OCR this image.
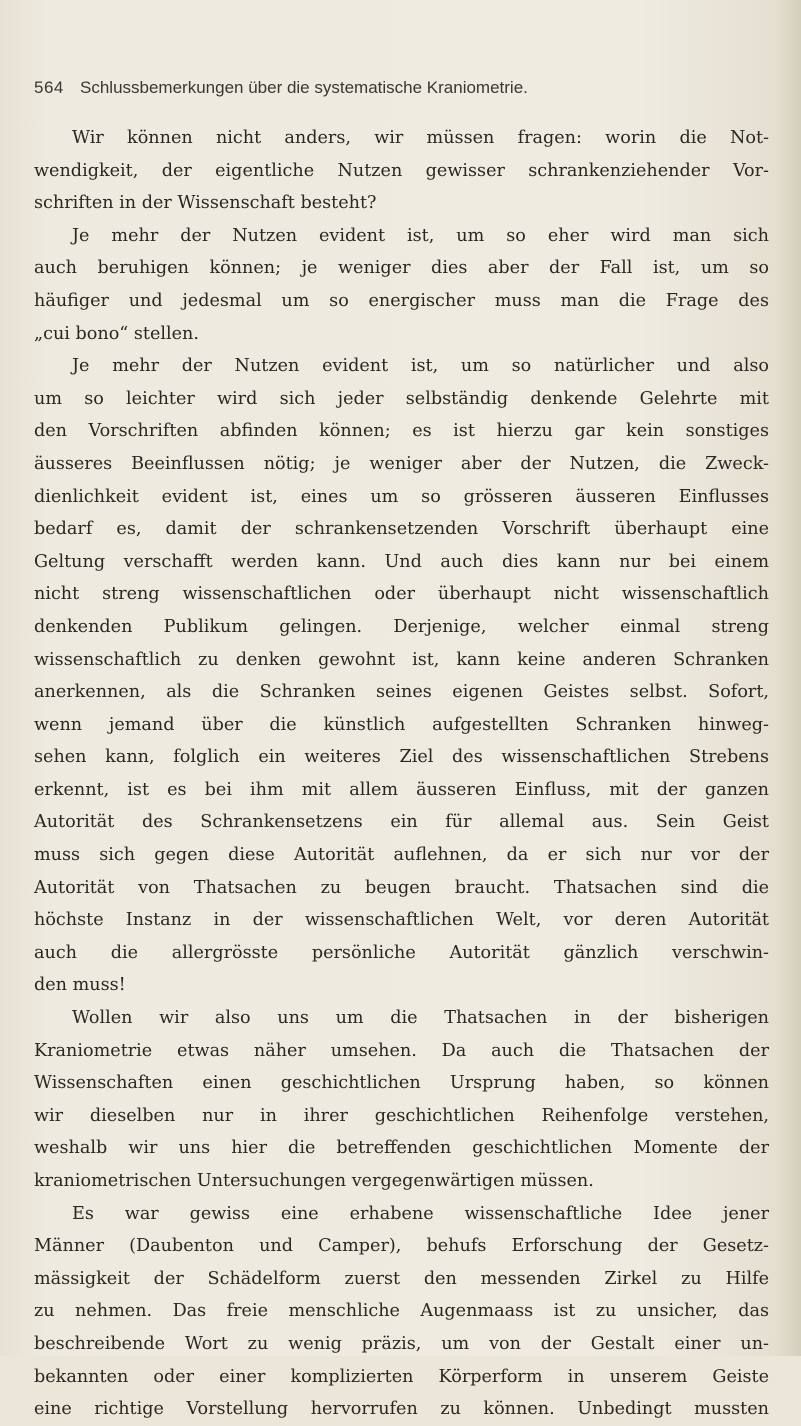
564 Schlussbemerkungen über die systematische Kraniometrie.
Wir können nicht anders, wir müssen fragen: worin die Not-
wendigkeit, der eigentliche Nutzen gewisser schrankenziehender Vor-
schriften in der Wissenschaft besteht?
Je mehr der Nutzen evident ist, um so eher wird man sich
auch beruhigen können; je weniger dies aber der Fall ist, um so
häufiger und jedesmal um so energischer muss man die Frage des
„cui bono“ stellen.
Je mehr der Nutzen evident ist, um so natürlicher und also
um so leichter wird sich jeder selbständig denkende Gelehrte mit
den Vorschriften abfinden können; es ist hierzu gar kein sonstiges
äusseres Beeinflussen nötig; je weniger aber der Nutzen, die Zweck-
dienlichkeit evident ist, eines um so grösseren äusseren Einflusses
bedarf es, damit der schrankensetzenden Vorschrift überhaupt eine
Geltung verschafft werden kann. Und auch dies kann nur bei einem
nicht streng wissenschaftlichen oder überhaupt nicht wissenschaftlich
denkenden Publikum gelingen. Derjenige, welcher einmal streng
wissenschaftlich zu denken gewohnt ist, kann keine anderen Schranken
anerkennen, als die Schranken seines eigenen Geistes selbst. Sofort,
wenn jemand über die künstlich aufgestellten Schranken hinweg-
sehen kann, folglich ein weiteres Ziel des wissenschaftlichen Strebens
erkennt, ist es bei ihm mit allem äusseren Einfluss, mit der ganzen
Autorität des Schrankensetzens ein für allemal aus. Sein Geist
muss sich gegen diese Autorität auflehnen, da er sich nur vor der
Autorität von Thatsachen zu beugen braucht. Thatsachen sind die
höchste Instanz in der wissenschaftlichen Welt, vor deren Autorität
auch die allergrösste persönliche Autorität gänzlich verschwin-
den muss!
Wollen wir also uns um die Thatsachen in der bisherigen
Kraniometrie etwas näher umsehen. Da auch die Thatsachen der
Wissenschaften einen geschichtlichen Ursprung haben, so können
wir dieselben nur in ihrer geschichtlichen Reihenfolge verstehen,
weshalb wir uns hier die betreffenden geschichtlichen Momente der
kraniometrischen Untersuchungen vergegenwärtigen müssen.
Es war gewiss eine erhabene wissenschaftliche Idee jener
Männer (Daubenton und Camper), behufs Erforschung der Gesetz-
mässigkeit der Schädelform zuerst den messenden Zirkel zu Hilfe
zu nehmen. Das freie menschliche Augenmaass ist zu unsicher, das
beschreibende Wort zu wenig präzis, um von der Gestalt einer un-
bekannten oder einer komplizierten Körperform in unserem Geiste
eine richtige Vorstellung hervorrufen zu können. Unbedingt mussten
